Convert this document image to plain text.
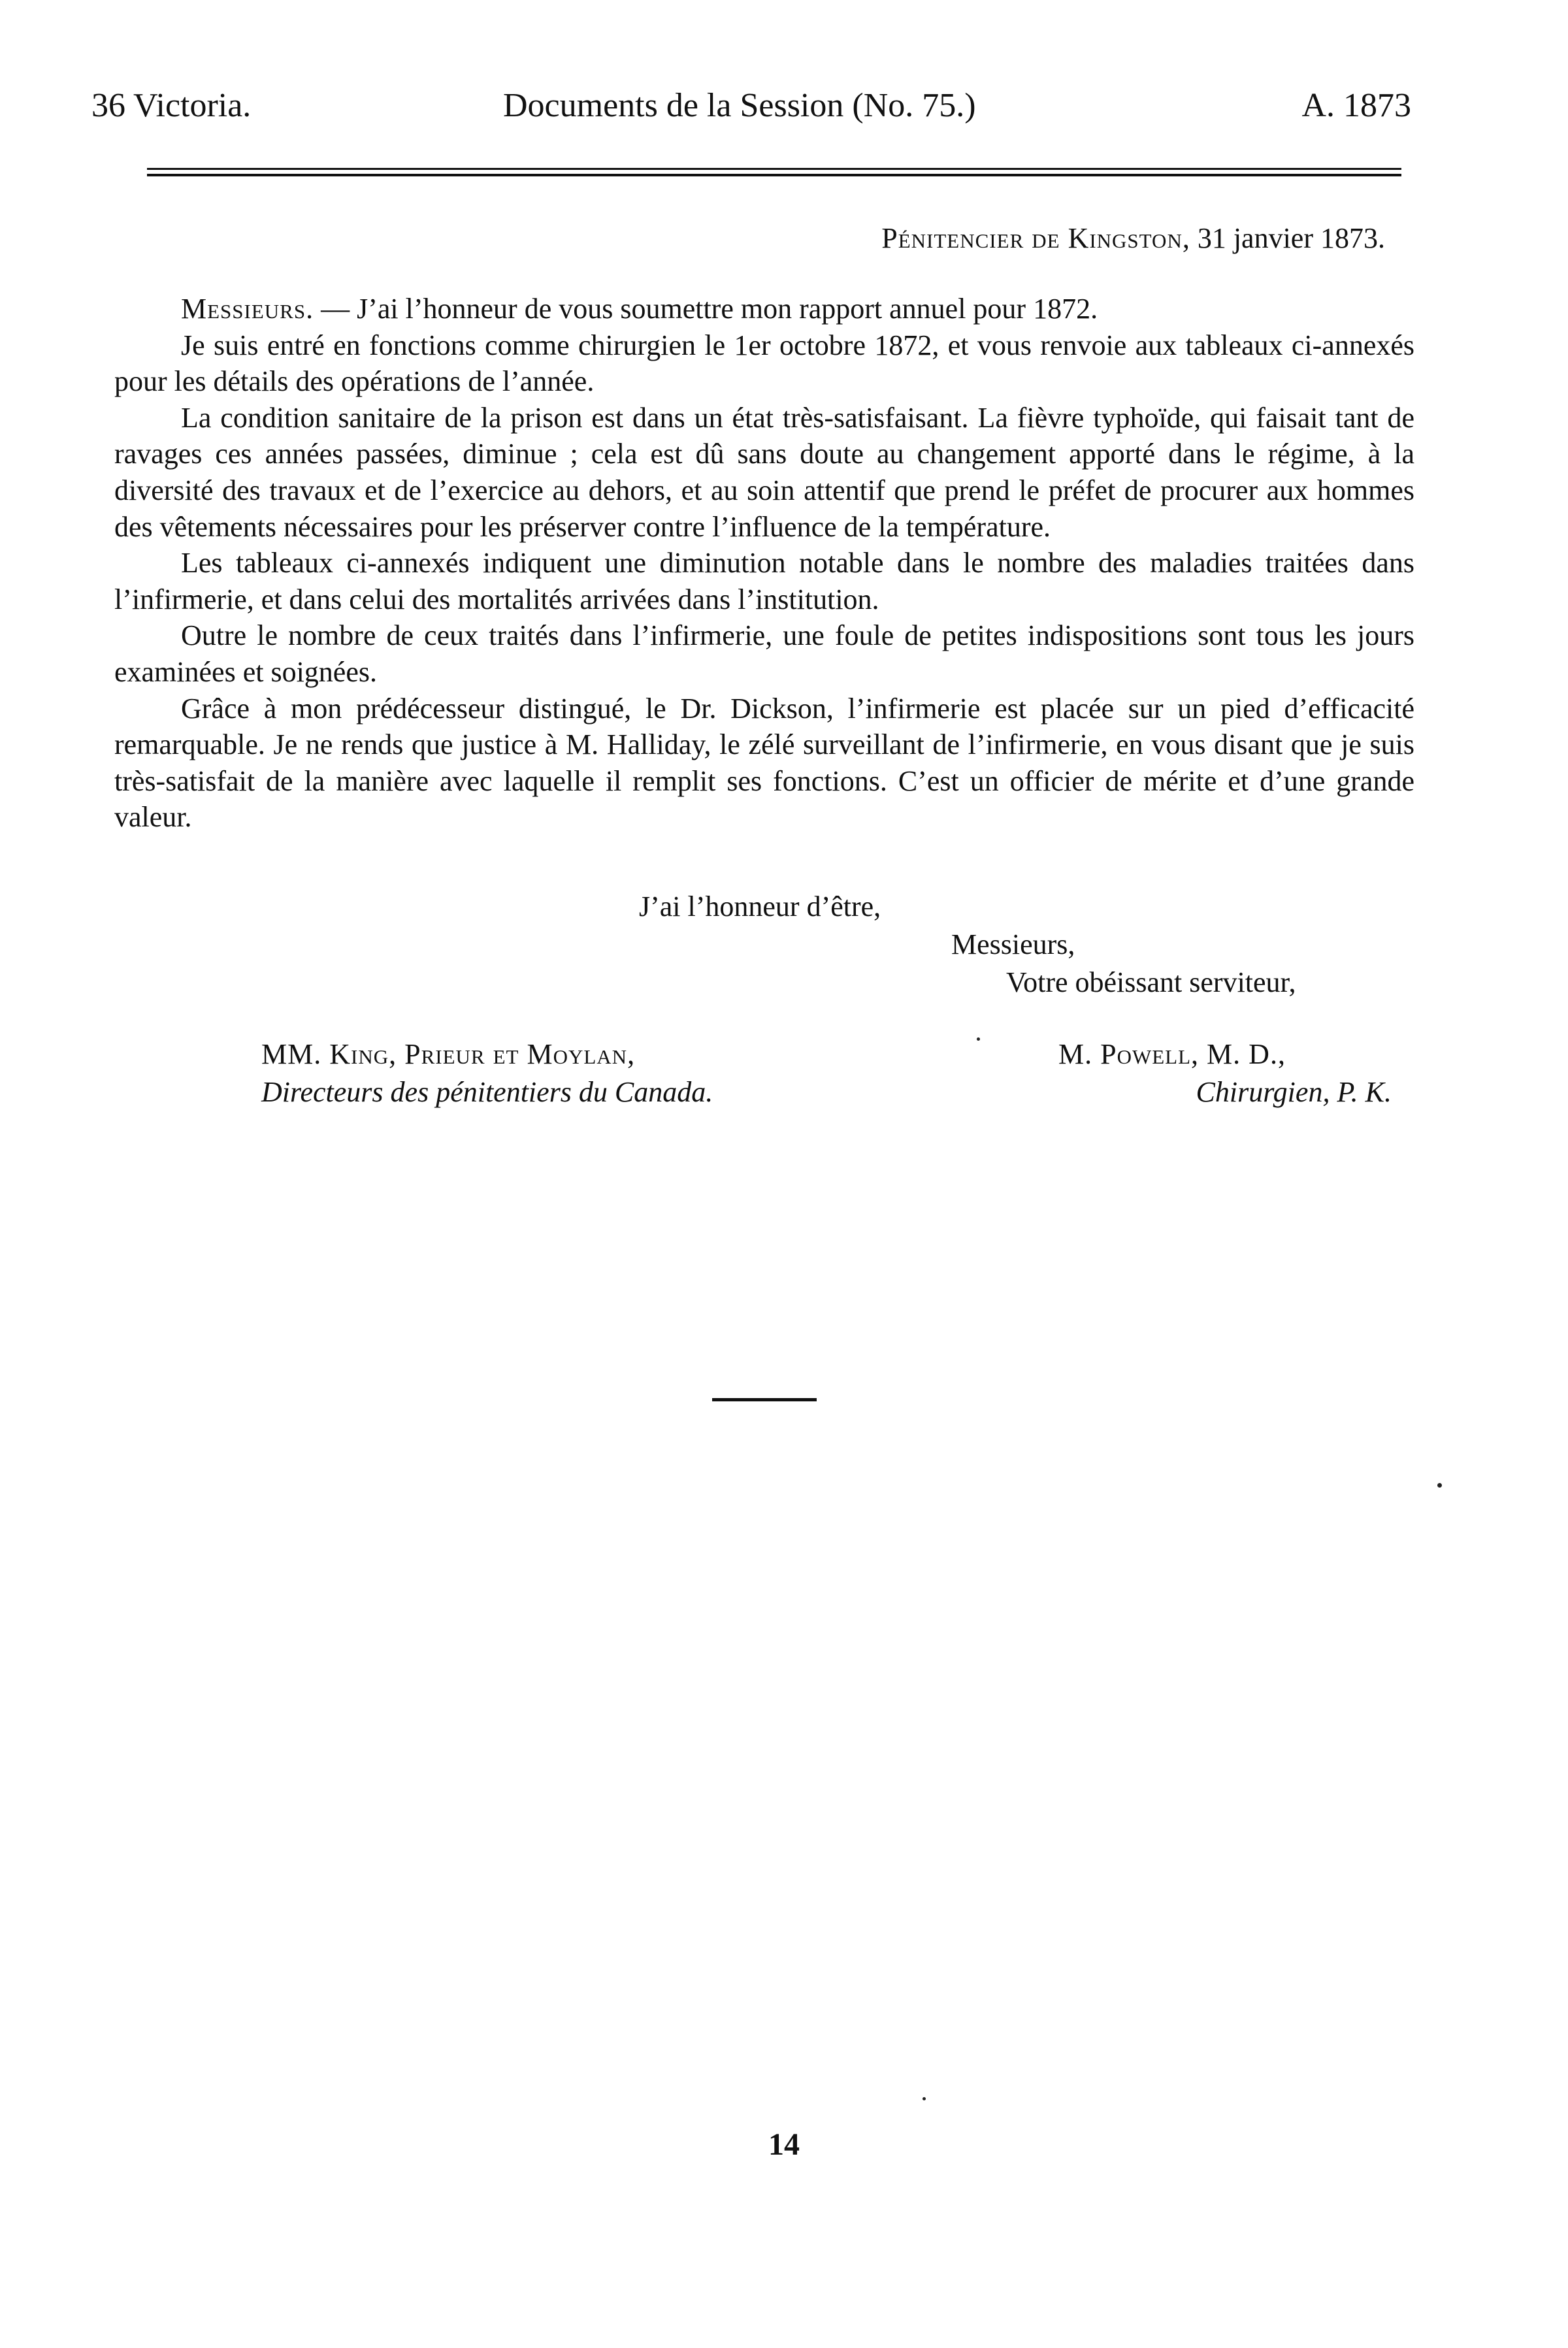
36 Victoria.	Documents de la Session (No. 75.)	A. 1873
Pénitencier de Kingston, 31 janvier 1873.

Messieurs. — J’ai l’honneur de vous soumettre mon rapport annuel pour 1872.

Je suis entré en fonctions comme chirurgien le 1er octobre 1872, et vous renvoie aux tableaux ci-annexés pour les détails des opérations de l’année.

La condition sanitaire de la prison est dans un état très-satisfaisant. La fièvre typhoïde, qui faisait tant de ravages ces années passées, diminue ; cela est dû sans doute au changement apporté dans le régime, à la diversité des travaux et de l’exercice au dehors, et au soin attentif que prend le préfet de procurer aux hommes des vêtements nécessaires pour les préserver contre l’influence de la température.

Les tableaux ci-annexés indiquent une diminution notable dans le nombre des maladies traitées dans l’infirmerie, et dans celui des mortalités arrivées dans l’institution.

Outre le nombre de ceux traités dans l’infirmerie, une foule de petites indispositions sont tous les jours examinées et soignées.

Grâce à mon prédécesseur distingué, le Dr. Dickson, l’infirmerie est placée sur un pied d’efficacité remarquable. Je ne rends que justice à M. Halliday, le zélé surveillant de l’infirmerie, en vous disant que je suis très-satisfait de la manière avec laquelle il remplit ses fonctions. C’est un officier de mérite et d’une grande valeur.

J’ai l’honneur d’être,
Messieurs,
Votre obéissant serviteur,
MM. King, Prieur et Moylan,
Directeurs des pénitentiers du Canada.
M. Powell, M. D.,
Chirurgien, P. K.
14
